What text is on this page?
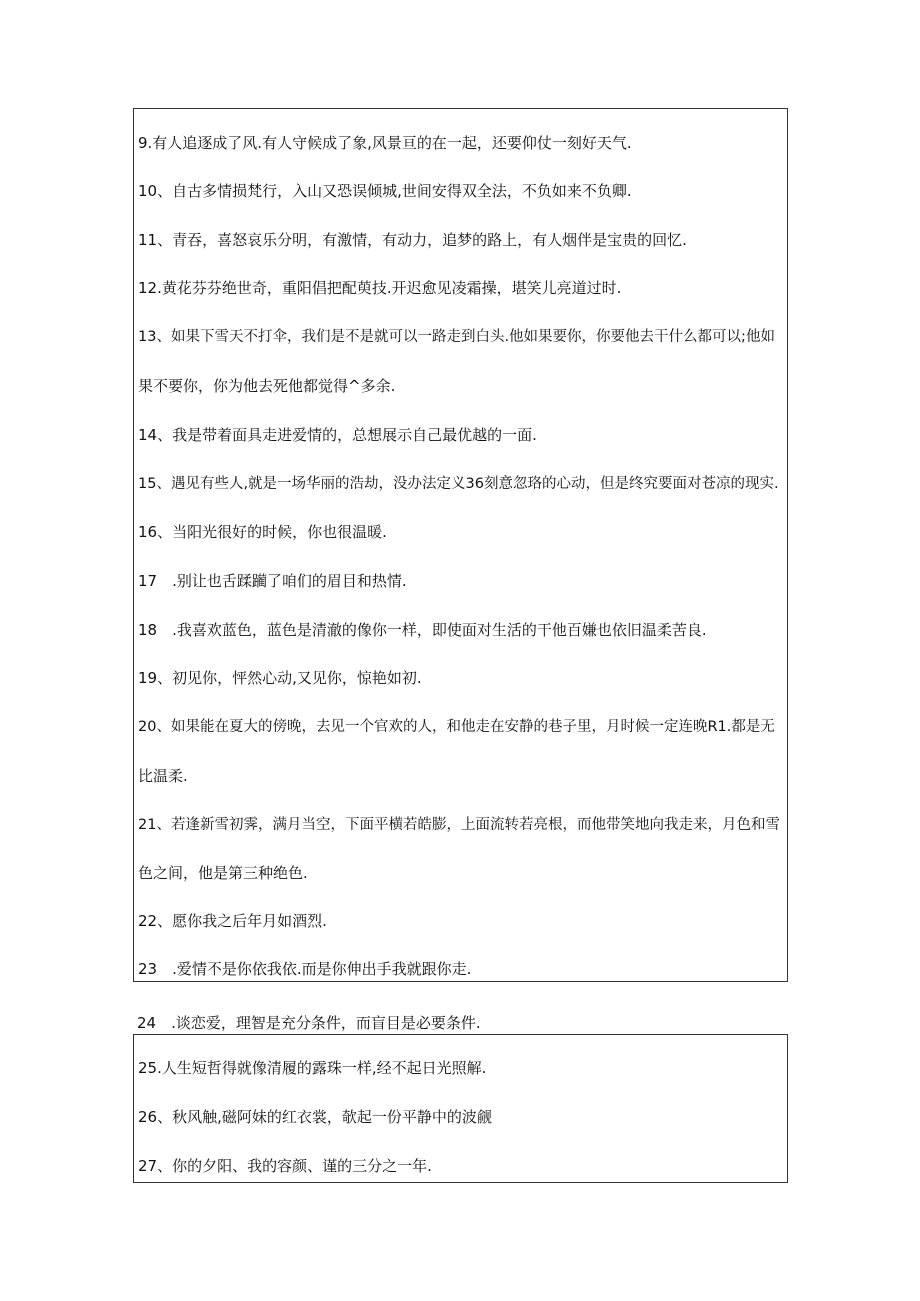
9.有人追逐成了风.有人守候成了象,风景亘的在一起，还要仰仗一刻好天气.
10、自古多情损梵行，入山又恐误倾城,世间安得双全法，不负如来不负卿.
11、青吞，喜怒哀乐分明，有激情，有动力，追梦的路上，有人烟伴是宝贵的回忆.
12.黄花芬芬绝世奇，重阳倡把配萸技.开迟愈见凌霜操，堪笑儿亮道过时.
13、如果下雪天不打伞，我们是不是就可以一路走到白头.他如果要你，你要他去干什么都可以;他如
果不要你，你为他去死他都觉得^多余.
14、我是带着面具走进爱情的，总想展示自己最优越的一面.
15、遇见有些人,就是一场华丽的浩劫，没办法定义36刻意忽珞的心动，但是终究要面对苍凉的现实.
16、当阳光很好的时候，你也很温暖.
17　.别让也舌蹂躏了咱们的眉目和热情.
18　.我喜欢蓝色，蓝色是清澈的像你一样，即使面对生活的干他百嫌也依旧温柔苦良.
19、初见你，怦然心动,又见你，惊艳如初.
20、如果能在夏大的傍晚，去见一个官欢的人，和他走在安静的巷子里，月时候一定连晚R1.都是无
比温柔.
21、若逢新雪初霁，满月当空，下面平横若皓膨，上面流转若亮根，而他带笑地向我走来，月色和雪
色之间，他是第三种绝色.
22、愿你我之后年月如酒烈.
23　.爱情不是你依我依.而是你伸出手我就跟你走.
24　.谈恋爱，理智是充分条件，而盲目是必要条件.
25.人生短哲得就像清履的露珠一样,经不起日光照解.
26、秋风触,磁阿妹的红衣裳，欹起一份平静中的波觎
27、你的夕阳、我的容颜、谨的三分之一年.
